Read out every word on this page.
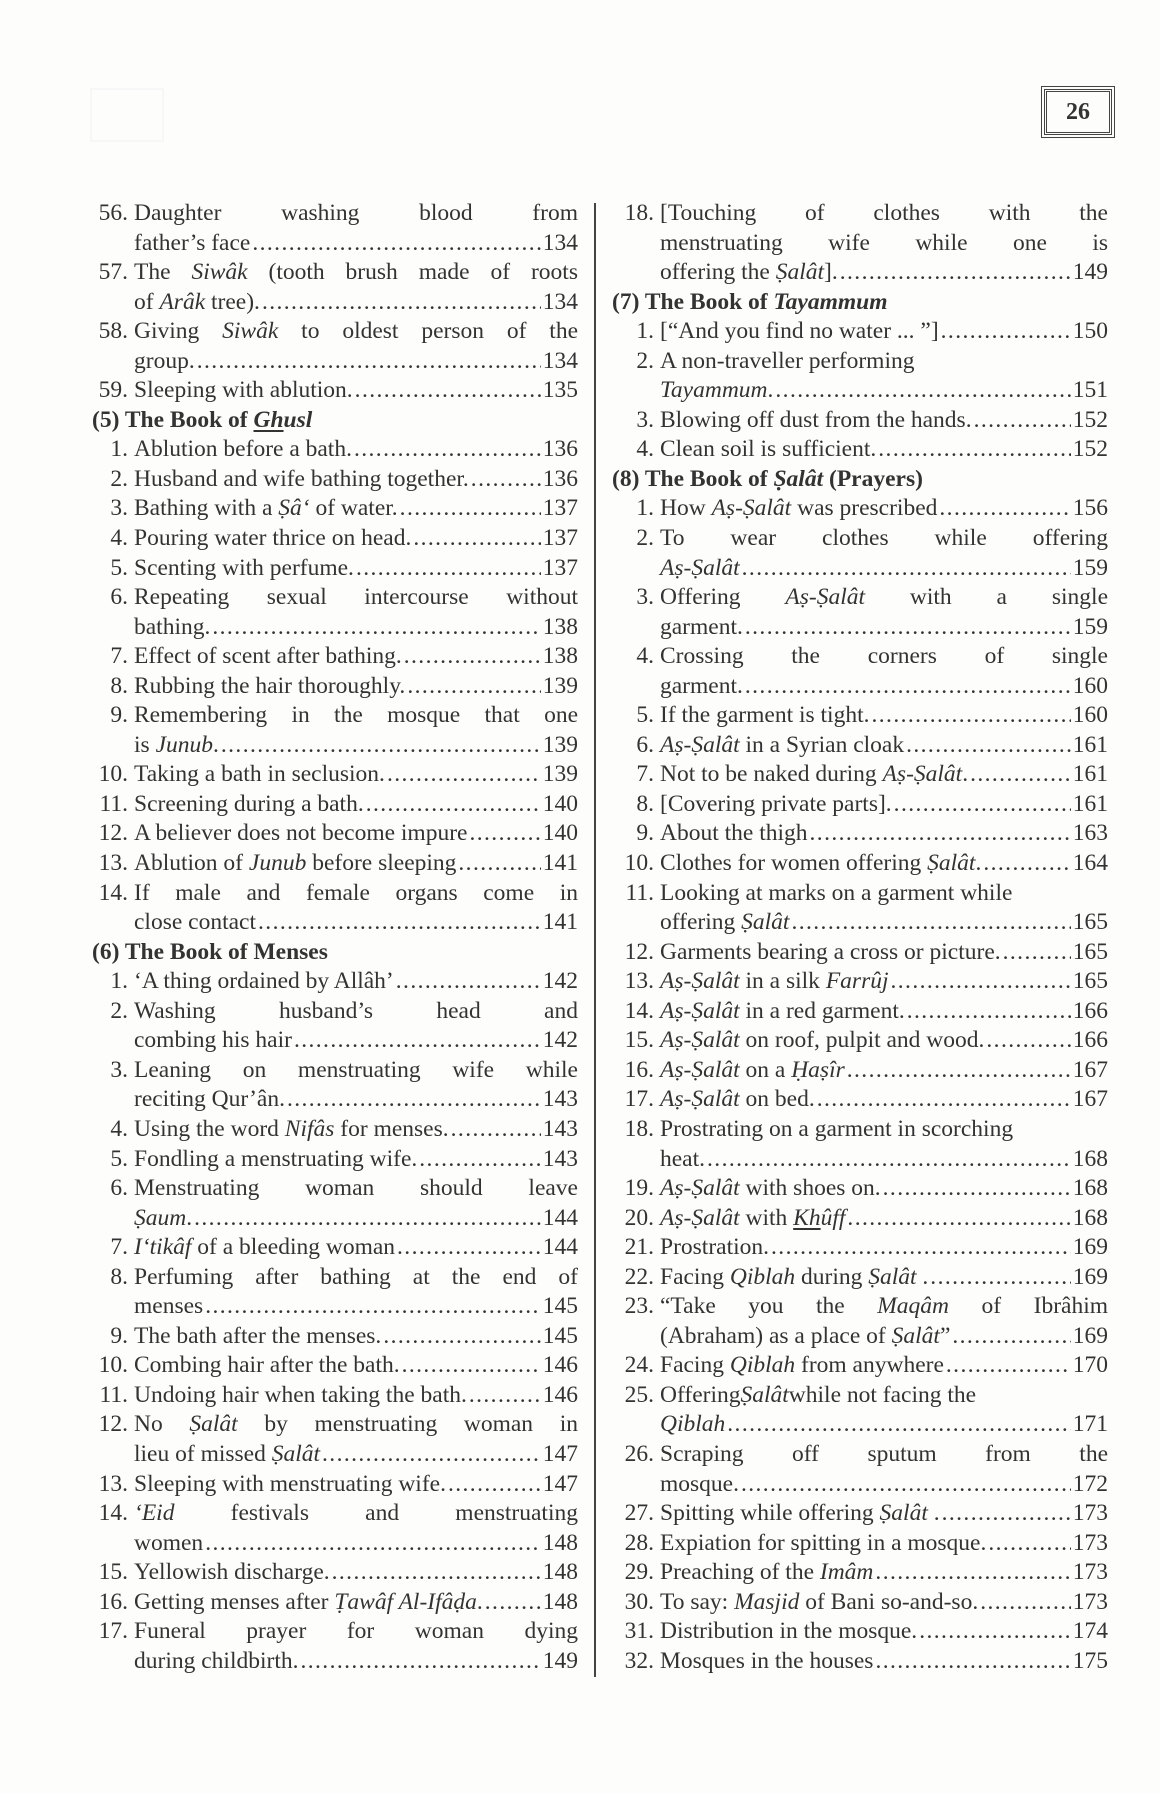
26
56. Daughter washing blood from
father’s face .....	134
57. The Siwâk (tooth brush made of roots
of Arâk tree). .....	134
58. Giving Siwâk to oldest person of the
group. .....	134
59. Sleeping with ablution. .....	135
(5) The Book of Ghusl
1. Ablution before a bath. .....	136
2. Husband and wife bathing together. .....	136
3. Bathing with a Ṣâ‘ of water. .....	137
4. Pouring water thrice on head. .....	137
5. Scenting with perfume. .....	137
6. Repeating sexual intercourse without
bathing. .....	138
7. Effect of scent after bathing. .....	138
8. Rubbing the hair thoroughly. .....	139
9. Remembering in the mosque that one
is Junub. .....	139
10. Taking a bath in seclusion. .....	139
11. Screening during a bath. .....	140
12. A believer does not become impure .....	140
13. Ablution of Junub before sleeping .....	141
14. If male and female organs come in
close contact .....	141
(6) The Book of Menses
1. ‘A thing ordained by Allâh’ .....	142
2. Washing husband’s head and
combing his hair .....	142
3. Leaning on menstruating wife while
reciting Qur’ân. .....	143
4. Using the word Nifâs for menses. .....	143
5. Fondling a menstruating wife. .....	143
6. Menstruating woman should leave
Ṣaum. .....	144
7. I‘tikâf of a bleeding woman .....	144
8. Perfuming after bathing at the end of
menses .....	145
9. The bath after the menses. .....	145
10. Combing hair after the bath. .....	146
11. Undoing hair when taking the bath. .....	146
12. No Ṣalât by menstruating woman in
lieu of missed Ṣalât .....	147
13. Sleeping with menstruating wife. .....	147
14. ‘Eid festivals and menstruating
women .....	148
15. Yellowish discharge. .....	148
16. Getting menses after Ṭawâf Al-Ifâḍa. .....	148
17. Funeral prayer for woman dying
during childbirth. .....	149
18. [Touching of clothes with the
menstruating wife while one is
offering the Ṣalât]. .....	149
(7) The Book of Tayammum
1. [“And you find no water ... ”] .....	150
2. A non-traveller performing
Tayammum. .....	151
3. Blowing off dust from the hands. .....	152
4. Clean soil is sufficient. .....	152
(8) The Book of Ṣalât (Prayers)
1. How Aṣ-Ṣalât was prescribed .....	156
2. To wear clothes while offering
Aṣ-Ṣalât .....	159
3. Offering Aṣ-Ṣalât with a single
garment. .....	159
4. Crossing the corners of single
garment. .....	160
5. If the garment is tight. .....	160
6. Aṣ-Ṣalât in a Syrian cloak .....	161
7. Not to be naked during Aṣ-Ṣalât. .....	161
8. [Covering private parts]. .....	161
9. About the thigh .....	163
10. Clothes for women offering Ṣalât. .....	164
11. Looking at marks on a garment while
offering Ṣalât .....	165
12. Garments bearing a cross or picture. .....	165
13. Aṣ-Ṣalât in a silk Farrûj .....	165
14. Aṣ-Ṣalât in a red garment. .....	166
15. Aṣ-Ṣalât on roof, pulpit and wood. .....	166
16. Aṣ-Ṣalât on a Ḥaṣîr .....	167
17. Aṣ-Ṣalât on bed. .....	167
18. Prostrating on a garment in scorching
heat. .....	168
19. Aṣ-Ṣalât with shoes on. .....	168
20. Aṣ-Ṣalât with Khûff .....	168
21. Prostration. .....	169
22. Facing Qiblah during Ṣalât . .....	169
23. “Take you the Maqâm of Ibrâhim
(Abraham) as a place of Ṣalât” .....	169
24. Facing Qiblah from anywhere .....	170
25. Offering Ṣalât while not facing the
Qiblah .....	171
26. Scraping off sputum from the
mosque. .....	172
27. Spitting while offering Ṣalât . .....	173
28. Expiation for spitting in a mosque. .....	173
29. Preaching of the Imâm .....	173
30. To say: Masjid of Bani so-and-so. .....	173
31. Distribution in the mosque. .....	174
32. Mosques in the houses .....	175
